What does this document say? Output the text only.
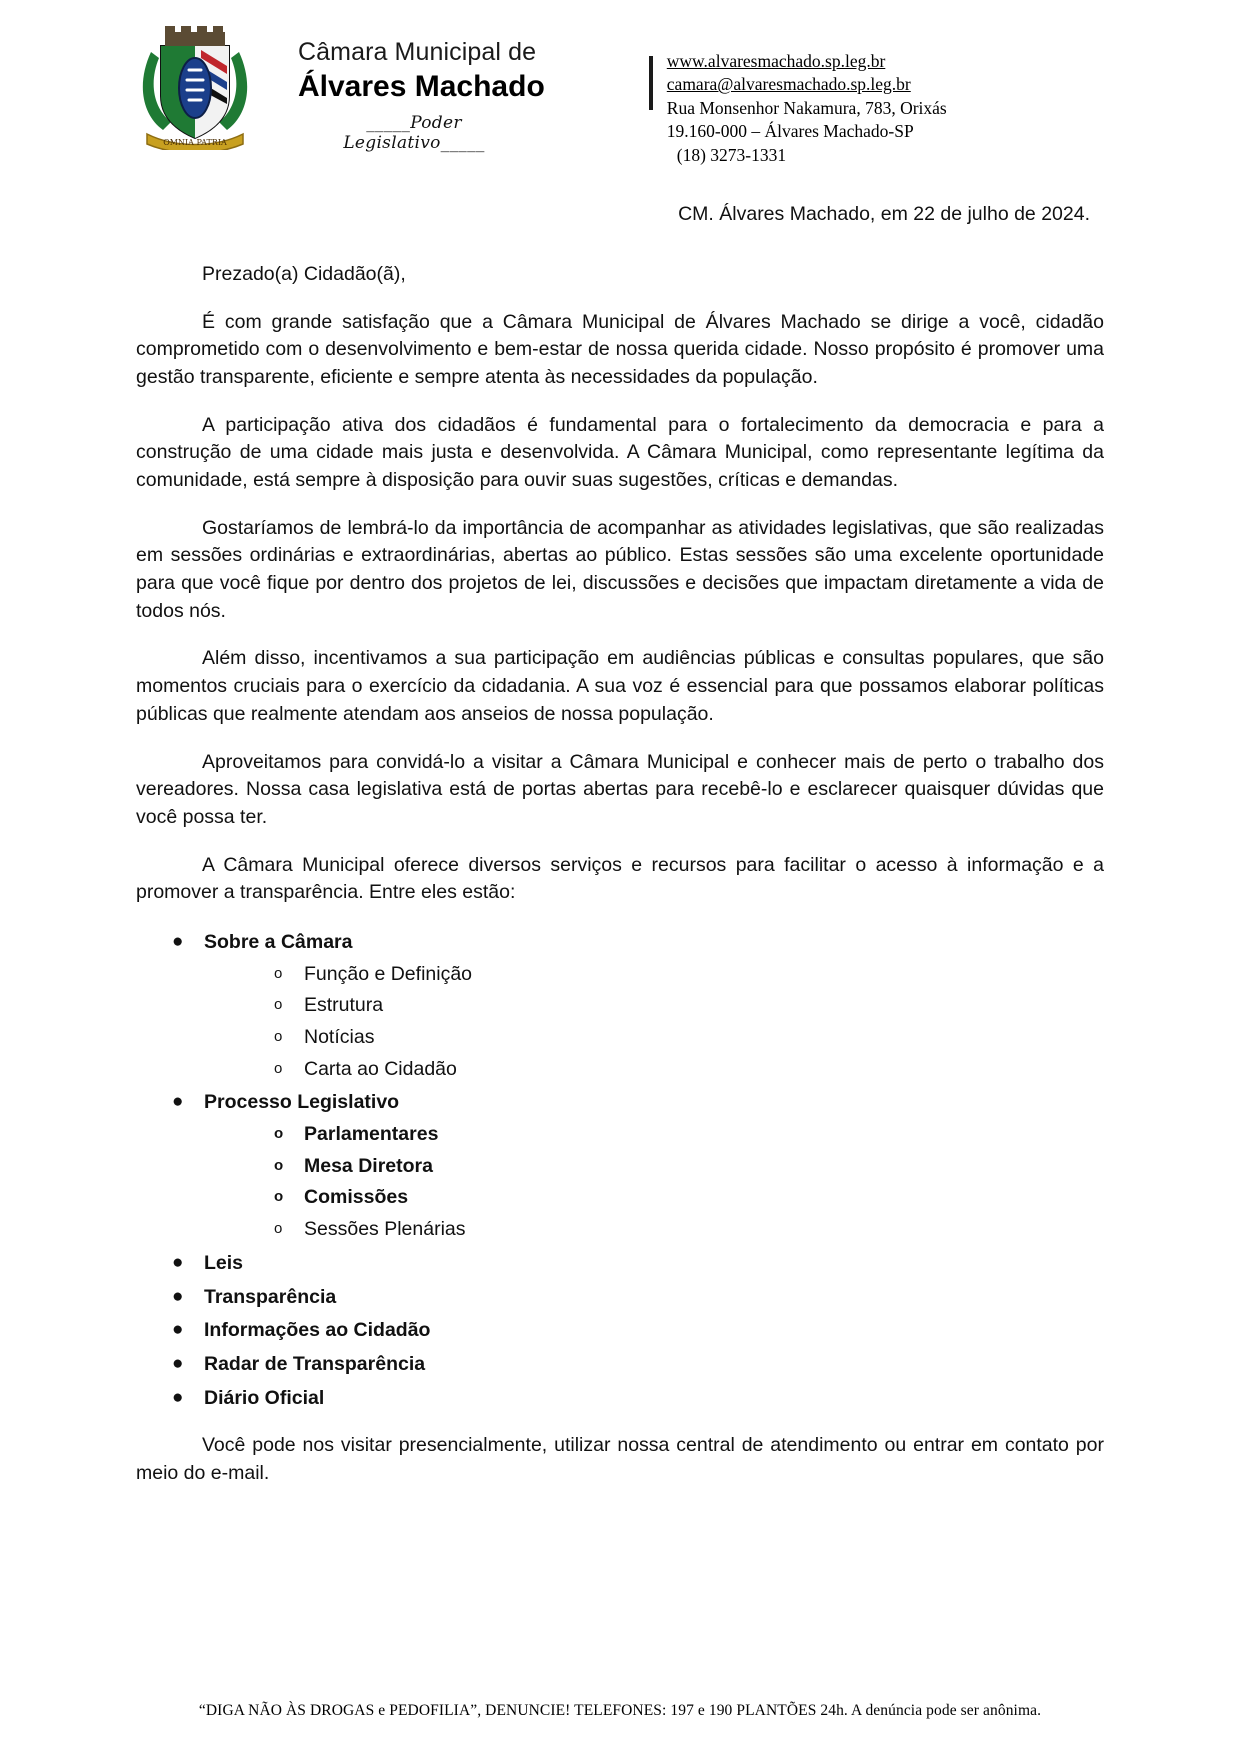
OMNIA PATRIA
Câmara Municipal de
Álvares Machado
_____Poder Legislativo_____
www.alvaresmachado.sp.leg.br
camara@alvaresmachado.sp.leg.br
Rua Monsenhor Nakamura, 783, Orixás
19.160-000 – Álvares Machado-SP
(18) 3273-1331
CM. Álvares Machado, em 22 de julho de 2024.
Prezado(a) Cidadão(ã),

É com grande satisfação que a Câmara Municipal de Álvares Machado se dirige a você, cidadão comprometido com o desenvolvimento e bem-estar de nossa querida cidade. Nosso propósito é promover uma gestão transparente, eficiente e sempre atenta às necessidades da população.

A participação ativa dos cidadãos é fundamental para o fortalecimento da democracia e para a construção de uma cidade mais justa e desenvolvida. A Câmara Municipal, como representante legítima da comunidade, está sempre à disposição para ouvir suas sugestões, críticas e demandas.

Gostaríamos de lembrá-lo da importância de acompanhar as atividades legislativas, que são realizadas em sessões ordinárias e extraordinárias, abertas ao público. Estas sessões são uma excelente oportunidade para que você fique por dentro dos projetos de lei, discussões e decisões que impactam diretamente a vida de todos nós.

Além disso, incentivamos a sua participação em audiências públicas e consultas populares, que são momentos cruciais para o exercício da cidadania. A sua voz é essencial para que possamos elaborar políticas públicas que realmente atendam aos anseios de nossa população.

Aproveitamos para convidá-lo a visitar a Câmara Municipal e conhecer mais de perto o trabalho dos vereadores. Nossa casa legislativa está de portas abertas para recebê-lo e esclarecer quaisquer dúvidas que você possa ter.

A Câmara Municipal oferece diversos serviços e recursos para facilitar o acesso à informação e a promover a transparência. Entre eles estão:

● Sobre a Câmara
o Função e Definição
o Estrutura
o Notícias
o Carta ao Cidadão
● Processo Legislativo
o Parlamentares
o Mesa Diretora
o Comissões
o Sessões Plenárias
● Leis
● Transparência
● Informações ao Cidadão
● Radar de Transparência
● Diário Oficial

Você pode nos visitar presencialmente, utilizar nossa central de atendimento ou entrar em contato por meio do e-mail.

“DIGA NÃO ÀS DROGAS e PEDOFILIA”, DENUNCIE! TELEFONES: 197 e 190 PLANTÕES 24h. A denúncia pode ser anônima.
